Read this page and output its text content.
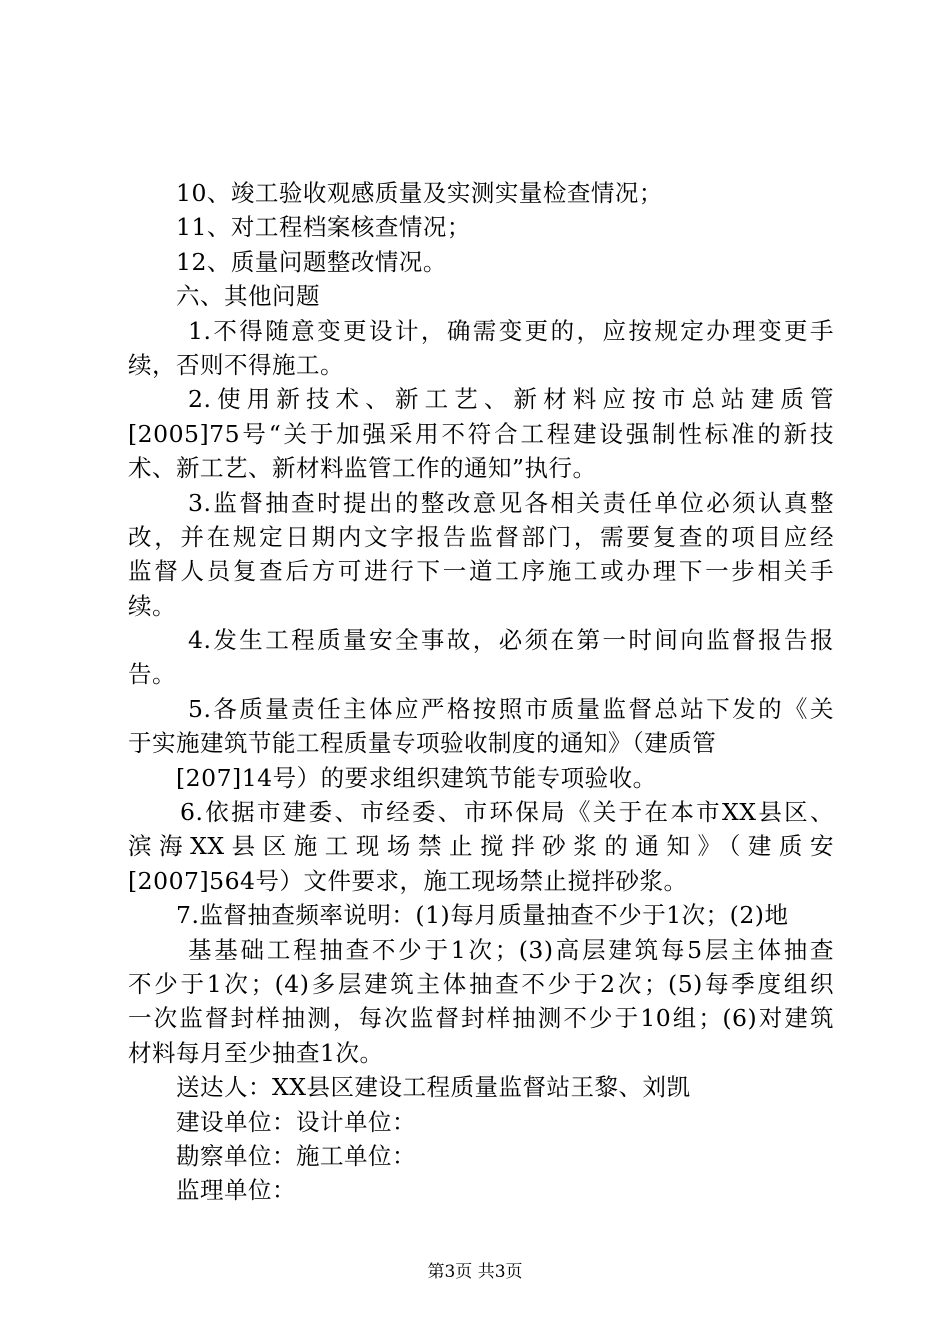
10、竣工验收观感质量及实测实量检查情况；
11、对工程档案核查情况；
12、质量问题整改情况。
六、其他问题
1.不得随意变更设计，确需变更的，应按规定办理变更手
续，否则不得施工。
2.使用新技术、新工艺、新材料应按市总站建质管
[2005]75号“关于加强采用不符合工程建设强制性标准的新技
术、新工艺、新材料监管工作的通知”执行。
3.监督抽查时提出的整改意见各相关责任单位必须认真整
改，并在规定日期内文字报告监督部门，需要复查的项目应经
监督人员复查后方可进行下一道工序施工或办理下一步相关手
续。
4.发生工程质量安全事故，必须在第一时间向监督报告报
告。
5.各质量责任主体应严格按照市质量监督总站下发的《关
于实施建筑节能工程质量专项验收制度的通知》（建质管
[207]14号）的要求组织建筑节能专项验收。
6.依据市建委、市经委、市环保局《关于在本市XX县区、
滨海XX县区施工现场禁止搅拌砂浆的通知》（建质安
[2007]564号）文件要求，施工现场禁止搅拌砂浆。
7.监督抽查频率说明：(1)每月质量抽查不少于1次；(2)地
基基础工程抽查不少于1次；(3)高层建筑每5层主体抽查
不少于1次；(4)多层建筑主体抽查不少于2次；(5)每季度组织
一次监督封样抽测，每次监督封样抽测不少于10组；(6)对建筑
材料每月至少抽查1次。
送达人：XX县区建设工程质量监督站王黎、刘凯
建设单位：设计单位：
勘察单位：施工单位：
监理单位：
第3页 共3页
